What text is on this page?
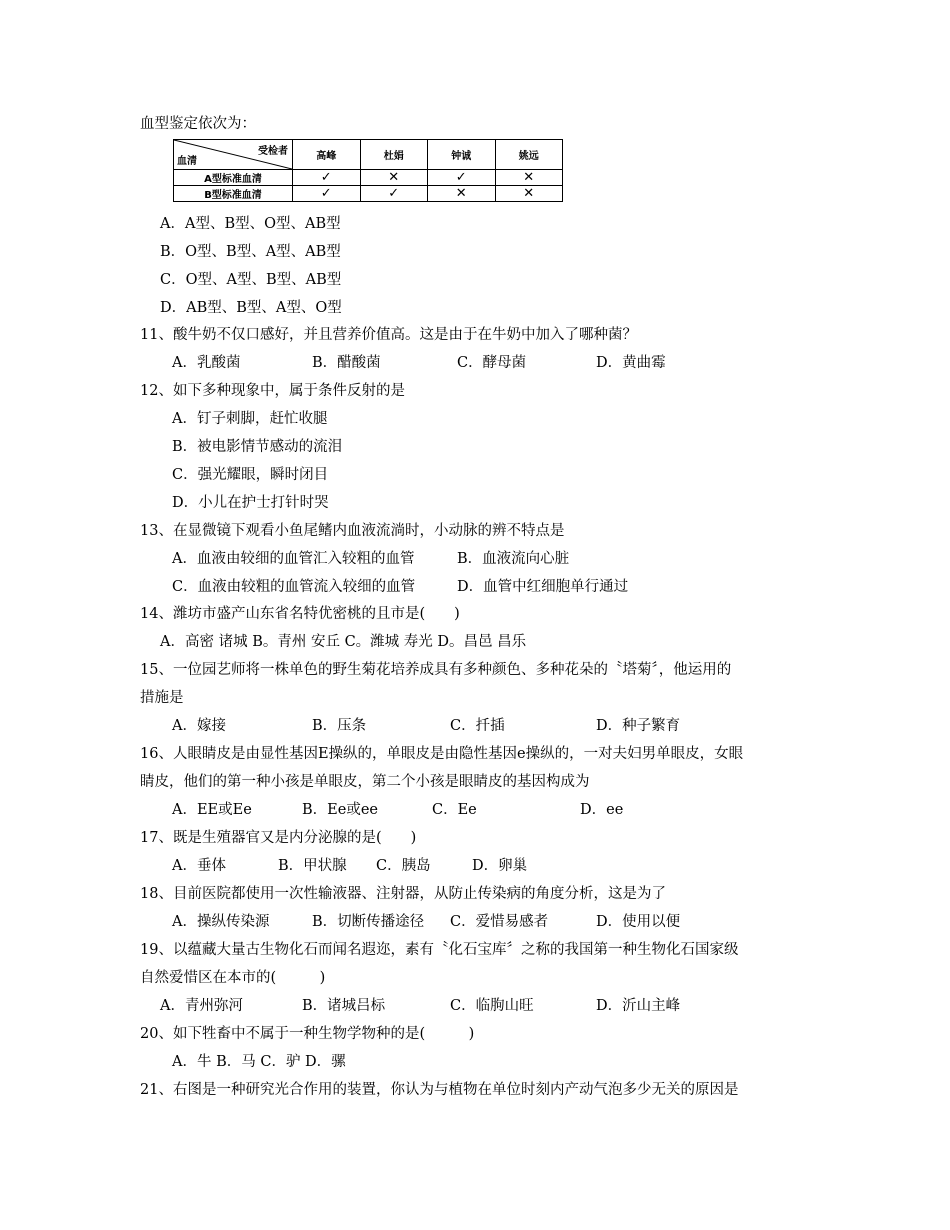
血型鉴定依次为：
受检者
血清	高峰	杜娟	钟诚	姚远
A型标准血清	✓	✕	✓	✕
B型标准血清	✓	✓	✕	✕
A．A型、B型、O型、AB型
B．O型、B型、A型、AB型
C．O型、A型、B型、AB型
D．AB型、B型、A型、O型
11、酸牛奶不仅口感好，并且营养价值高。这是由于在牛奶中加入了哪种菌？
A．乳酸菌	B．醋酸菌	C．酵母菌	D．黄曲霉
12、如下多种现象中，属于条件反射的是
A．钉子刺脚，赶忙收腿
B．被电影情节感动的流泪
C．强光耀眼，瞬时闭目
D．小儿在护士打针时哭
13、在显微镜下观看小鱼尾鳍内血液流淌时，小动脉的辨不特点是
A．血液由较细的血管汇入较粗的血管	B．血液流向心脏
C．血液由较粗的血管流入较细的血管	D．血管中红细胞单行通过
14、潍坊市盛产山东省名特优密桃的且市是(　　)
A．高密 诸城 B。青州 安丘 C。潍城 寿光 D。昌邑 昌乐
15、一位园艺师将一株单色的野生菊花培养成具有多种颜色、多种花朵的〝塔菊〞，他运用的
措施是
A．嫁接	B．压条	C．扦插	D．种子繁育
16、人眼睛皮是由显性基因E操纵的，单眼皮是由隐性基因e操纵的，一对夫妇男单眼皮，女眼
睛皮，他们的第一种小孩是单眼皮，第二个小孩是眼睛皮的基因构成为
A．EE或Ee	B．Ee或ee	C．Ee	D．ee
17、既是生殖器官又是内分泌腺的是(　　)
A．垂体	B．甲状腺 C．胰岛	D．卵巢
18、目前医院都使用一次性输液器、注射器，从防止传染病的角度分析，这是为了
A．操纵传染源	B．切断传播途径 C．爱惜易感者	D．使用以便
19、以蕴藏大量古生物化石而闻名遐迩，素有〝化石宝库〞之称的我国第一种生物化石国家级
自然爱惜区在本市的(　　　)
A．青州弥河	B．诸城吕标	C．临朐山旺	D．沂山主峰
20、如下牲畜中不属于一种生物学物种的是(　　　)
A．牛 B．马 C．驴 D．骡
21、右图是一种研究光合作用的装置，你认为与植物在单位时刻内产动气泡多少无关的原因是
